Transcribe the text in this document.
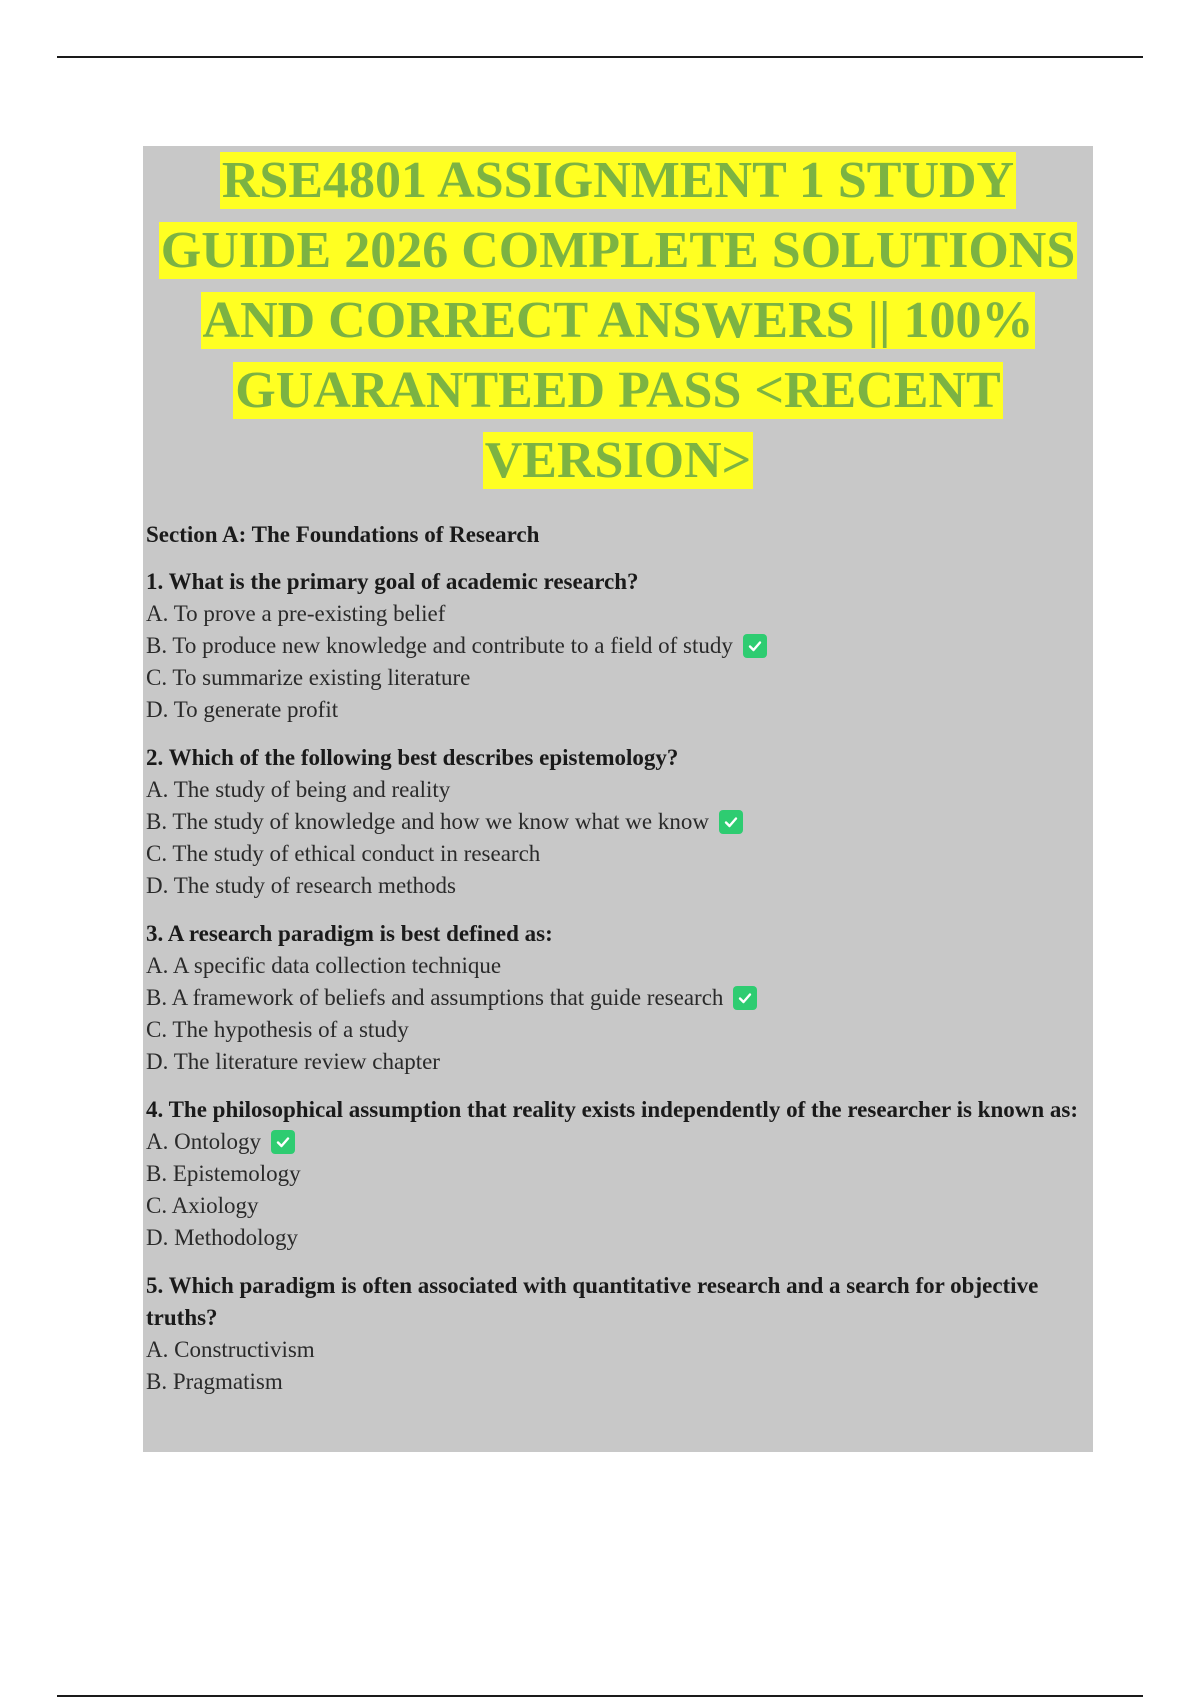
RSE4801 ASSIGNMENT 1 STUDY
GUIDE 2026 COMPLETE SOLUTIONS
AND CORRECT ANSWERS || 100%
GUARANTEED PASS <RECENT
VERSION>

Section A: The Foundations of Research

1. What is the primary goal of academic research?

A. To prove a pre-existing belief

B. To produce new knowledge and contribute to a field of study

C. To summarize existing literature

D. To generate profit

2. Which of the following best describes epistemology?

A. The study of being and reality

B. The study of knowledge and how we know what we know

C. The study of ethical conduct in research

D. The study of research methods

3. A research paradigm is best defined as:

A. A specific data collection technique

B. A framework of beliefs and assumptions that guide research

C. The hypothesis of a study

D. The literature review chapter

4. The philosophical assumption that reality exists independently of the researcher is known as:

A. Ontology

B. Epistemology

C. Axiology

D. Methodology

5. Which paradigm is often associated with quantitative research and a search for objective truths?

A. Constructivism

B. Pragmatism
